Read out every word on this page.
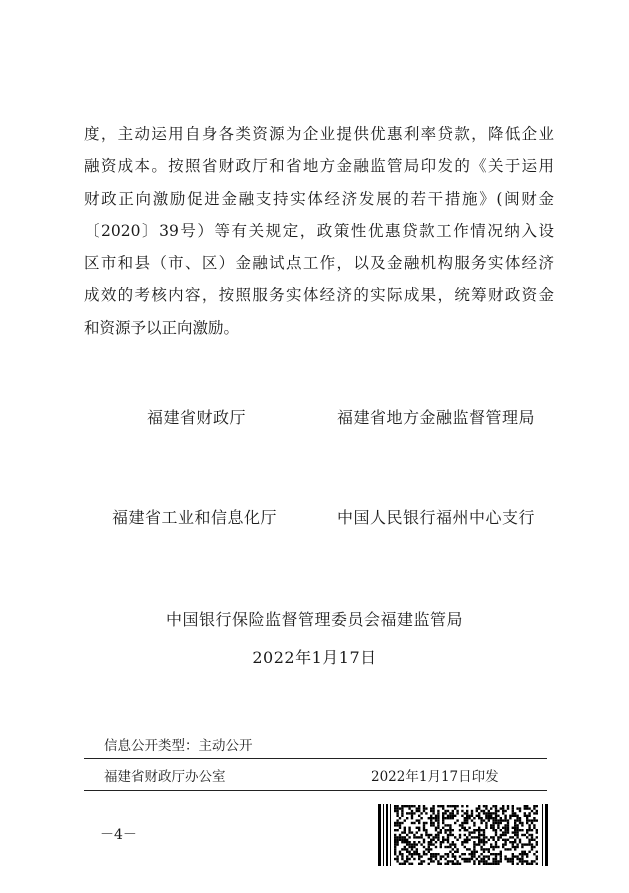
度，主动运用自身各类资源为企业提供优惠利率贷款，降低企业
融资成本。按照省财政厅和省地方金融监管局印发的《关于运用
财政正向激励促进金融支持实体经济发展的若干措施》(闽财金
〔2020〕39号）等有关规定，政策性优惠贷款工作情况纳入设
区市和县（市、区）金融试点工作，以及金融机构服务实体经济
成效的考核内容，按照服务实体经济的实际成果，统筹财政资金
和资源予以正向激励。
福建省财政厅	福建省地方金融监督管理局
福建省工业和信息化厅	中国人民银行福州中心支行
中国银行保险监督管理委员会福建监管局
2022年1月17日
信息公开类型：主动公开
福建省财政厅办公室	2022年1月17日印发
－4－
